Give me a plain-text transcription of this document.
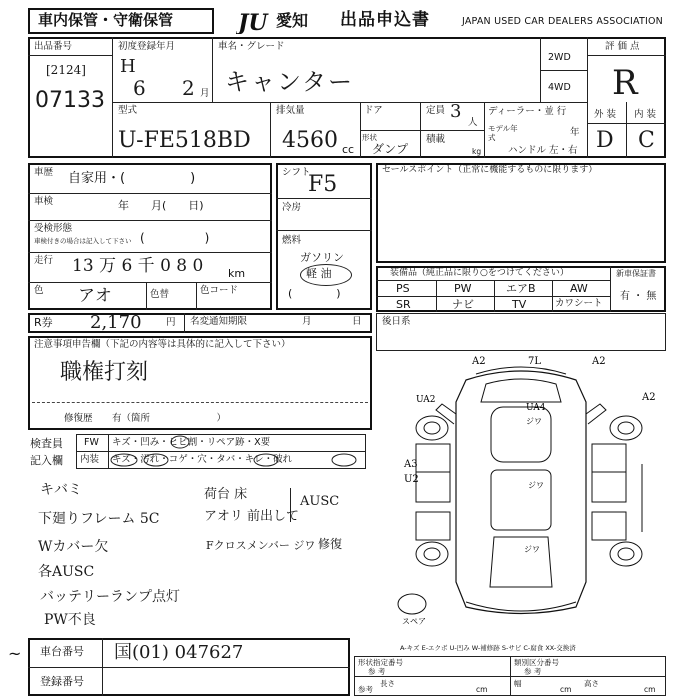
車内保管・守衛保管	JU 愛知 出品申込書	JAPAN USED CAR DEALERS ASSOCIATION
出品番号
[2124]
07133
初度登録年月
H
6 2 月
車名・グレード
キャンター
2WD
4WD
評 価 点
R
型式
U-FE518BD
排気量
4560 cc
ドア
形状
ダンプ
定員 3
人
積載
kg
ディーラー・並 行
モデル年式	年
ハンドル 左・右
外 装 内 装
D C
車歴 自家用・(　　　　　)
車検	年　　月(　　日)
受検形態
車検付きの場合は記入して下さい (　　　　　)
走行 13 万 6 千 0 8 0 km
色 アオ	色替	色コード
シフト
F5
冷房
燃料
ガソリン
軽 油
(　　　　)
セールスポイント（正常に機能するものに限ります）
装備品（純正品に限り○をつけてください）
PS	PW	エアB	AW
SR	ナビ	TV	カワシート
新車保証書
有 ・ 無
R券 2,170	円 名変通知期限	月	日 後日系
注意事項申告欄（下記の内容等は具体的に記入して下さい）
職権打刻
修復歴 有（箇所　　　　　　　）
検査員
記入欄
FW キズ・凹み・ヒビ割・リペア跡・X要
内装 キズ・汚れ・コゲ・穴・タバ・キレ・破れ
キバミ
下廻りフレーム 5C
Wカバー欠
各AUSC
バッテリーランプ点灯
PW不良
荷台 床
アオリ 前出して
AUSC
Fクロスメンバー ジワ 修復
A2	7L	A2
UA2	A2
UA4
ジワ
A3
U2
ジワ
ジワ
スペア
A-キズ E-エクボ U-凹み W-補修跡 S-サビ C-腐食 XX-交換済
~ 車台番号 国(01) 047627
登録番号
形状指定番号
参 考
類別区分番号
参 考
参考
長さ
cm
幅
cm
高さ
cm
